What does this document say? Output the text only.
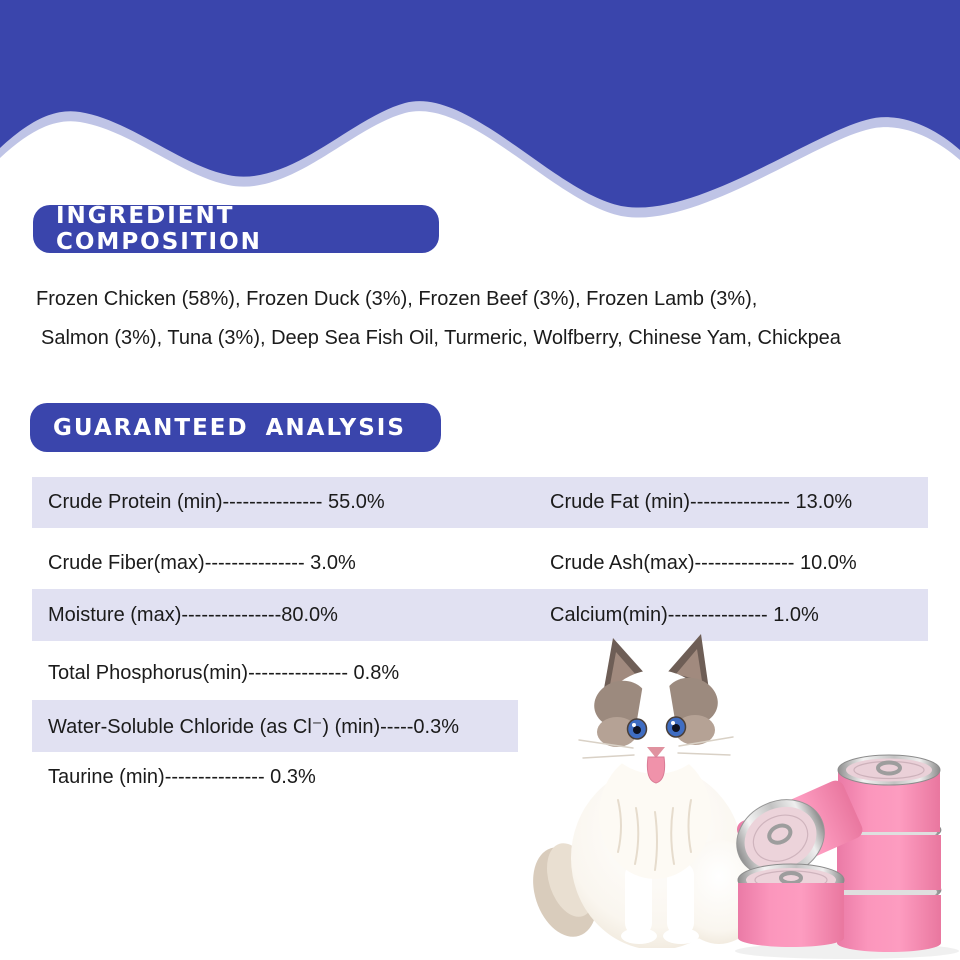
INGREDIENT COMPOSITION
Frozen Chicken (58%), Frozen Duck (3%), Frozen Beef (3%), Frozen Lamb (3%),
Salmon (3%), Tuna (3%), Deep Sea Fish Oil, Turmeric, Wolfberry, Chinese Yam, Chickpea
GUARANTEED ANALYSIS
Crude Protein (min)--------------- 55.0%	Crude Fat (min)--------------- 13.0%
Crude Fiber(max)--------------- 3.0%	Crude Ash(max)--------------- 10.0%
Moisture (max)---------------80.0%	Calcium(min)--------------- 1.0%
Total Phosphorus(min)--------------- 0.8%
Water-Soluble Chloride (as Cl⁻) (min)-----0.3%
Taurine (min)--------------- 0.3%
